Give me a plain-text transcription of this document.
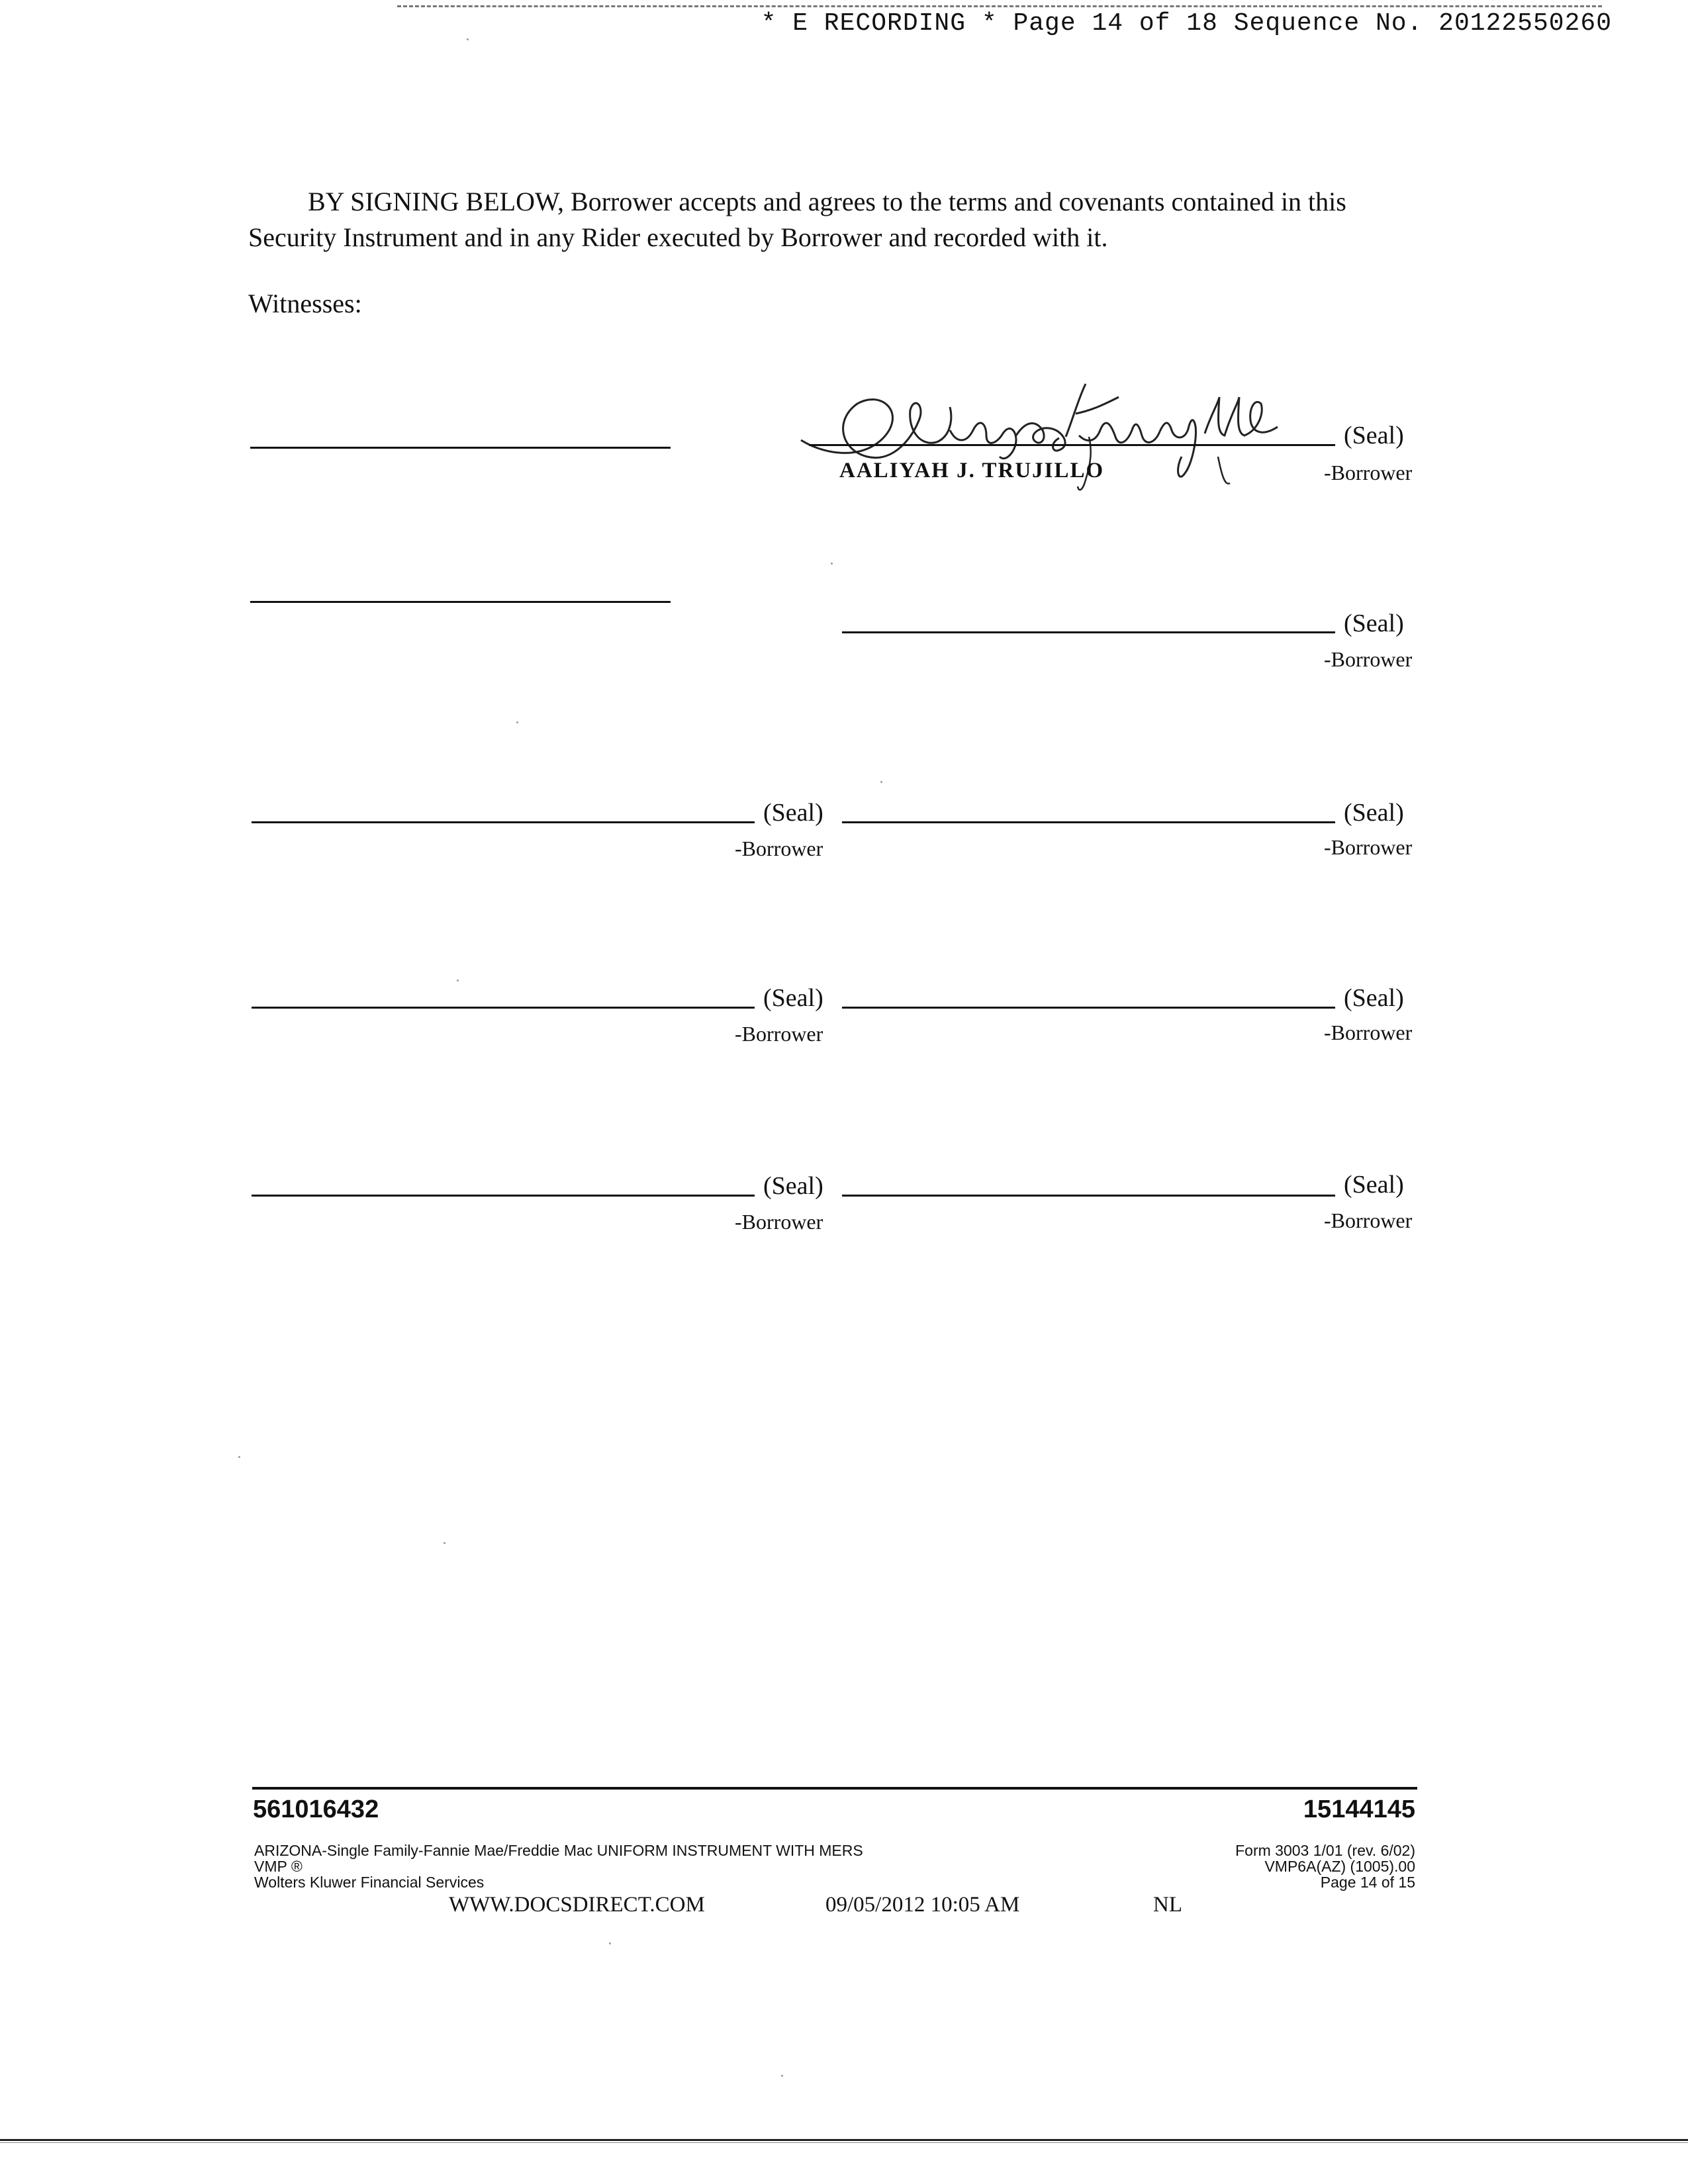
* E RECORDING * Page 14 of 18 Sequence No. 20122550260

BY SIGNING BELOW, Borrower accepts and agrees to the terms and covenants contained in this Security Instrument and in any Rider executed by Borrower and recorded with it.

Witnesses:
(Seal)
AALIYAH J. TRUJILLO	-Borrower
(Seal)
-Borrower
(Seal)
-Borrower
(Seal)
-Borrower
(Seal)
-Borrower
(Seal)
-Borrower
(Seal)
-Borrower
(Seal)
-Borrower
561016432	15144145
ARIZONA-Single Family-Fannie Mae/Freddie Mac UNIFORM INSTRUMENT WITH MERS
VMP ®
Wolters Kluwer Financial Services
Form 3003 1/01 (rev. 6/02)
VMP6A(AZ) (1005).00
Page 14 of 15
WWW.DOCSDIRECT.COM	09/05/2012 10:05 AM	NL
